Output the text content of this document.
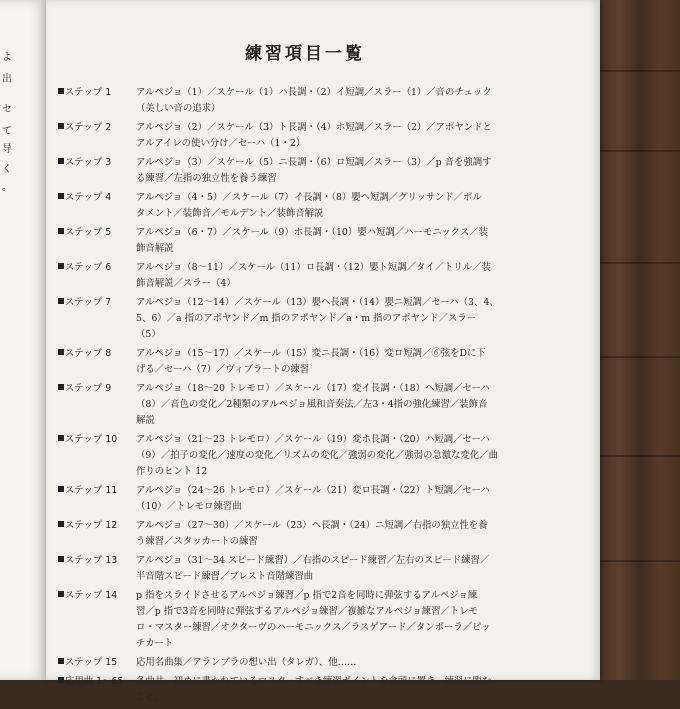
よ
出
セ
て
导
く
。
練習項目一覧
ステップ 1	アルペジョ（1）／スケール（1）ハ長調・（2）イ短調／スラー（1）／音のチェック
（美しい音の追求）
ステップ 2	アルペジョ（2）／スケール（3）ト長調・（4）ホ短調／スラー（2）／アポヤンドと
アルアイレの使い分け／セーハ（1・2）
ステップ 3	アルペジョ（3）／スケール（5）ニ長調・（6）ロ短調／スラー（3）／p 音を強調す
る練習／左指の独立性を養う練習
ステップ 4	アルペジョ（4・5）／スケール（7）イ長調・（8）嬰ヘ短調／グリッサンド／ポル
タメント／装飾音／モルデント／装飾音解説
ステップ 5	アルペジョ（6・7）／スケール（9）ホ長調・（10）嬰ハ短調／ハーモニックス／装
飾音解説
ステップ 6	アルペジョ（8～11）／スケール（11）ロ長調・（12）嬰ト短調／タイ／トリル／装
飾音解説／スラー（4）
ステップ 7	アルペジョ（12～14）／スケール（13）嬰ヘ長調・（14）嬰ニ短調／セーハ（3、4、
5、6）／a 指のアポヤンド／m 指のアポヤンド／a・m 指のアポヤンド／スラー
（5）
ステップ 8	アルペジョ（15～17）／スケール（15）変ニ長調・（16）変ロ短調／⑥弦をDに下
げる／セーハ（7）／ヴィブラートの練習
ステップ 9	アルペジョ（18～20 トレモロ）／スケール（17）変イ長調・（18）ヘ短調／セーハ
（8）／音色の変化／2種類のアルペジョ風和音奏法／左3・4指の強化練習／装飾音
解説
ステップ 10	アルペジョ（21～23 トレモロ）／スケール（19）変ホ長調・（20）ハ短調／セーハ
（9）／拍子の変化／速度の変化／リズムの変化／強弱の変化／強弱の急激な変化／曲
作りのヒント 12
ステップ 11	アルペジョ（24～26 トレモロ）／スケール（21）変ロ長調・（22）ト短調／セーハ
（10）／トレモロ練習曲
ステップ 12	アルペジョ（27～30）／スケール（23）ヘ長調・（24）ニ短調／右指の独立性を養
う練習／スタッカートの練習
ステップ 13	アルペジョ（31～34 スピード練習）／右指のスピード練習／左右のスピード練習／
半音階スピード練習／プレスト音階練習曲
ステップ 14	p 指をスライドさせるアルペジョ練習／p 指で2音を同時に弾弦するアルペジョ練
習／p 指で3音を同時に弾弦するアルペジョ練習／複雑なアルペジョ練習／トレモ
ロ・マスター練習／オクターヴのハーモニックス／ラスゲアード／タンボーラ／ピッ
チカート
ステップ 15	応用名曲集／アランブラの想い出（タレガ）、他……
応用曲 1～65	各曲共、初めに書かれているマスターすべき練習ポイントを念頭に置き、練習に臨む
こと。
